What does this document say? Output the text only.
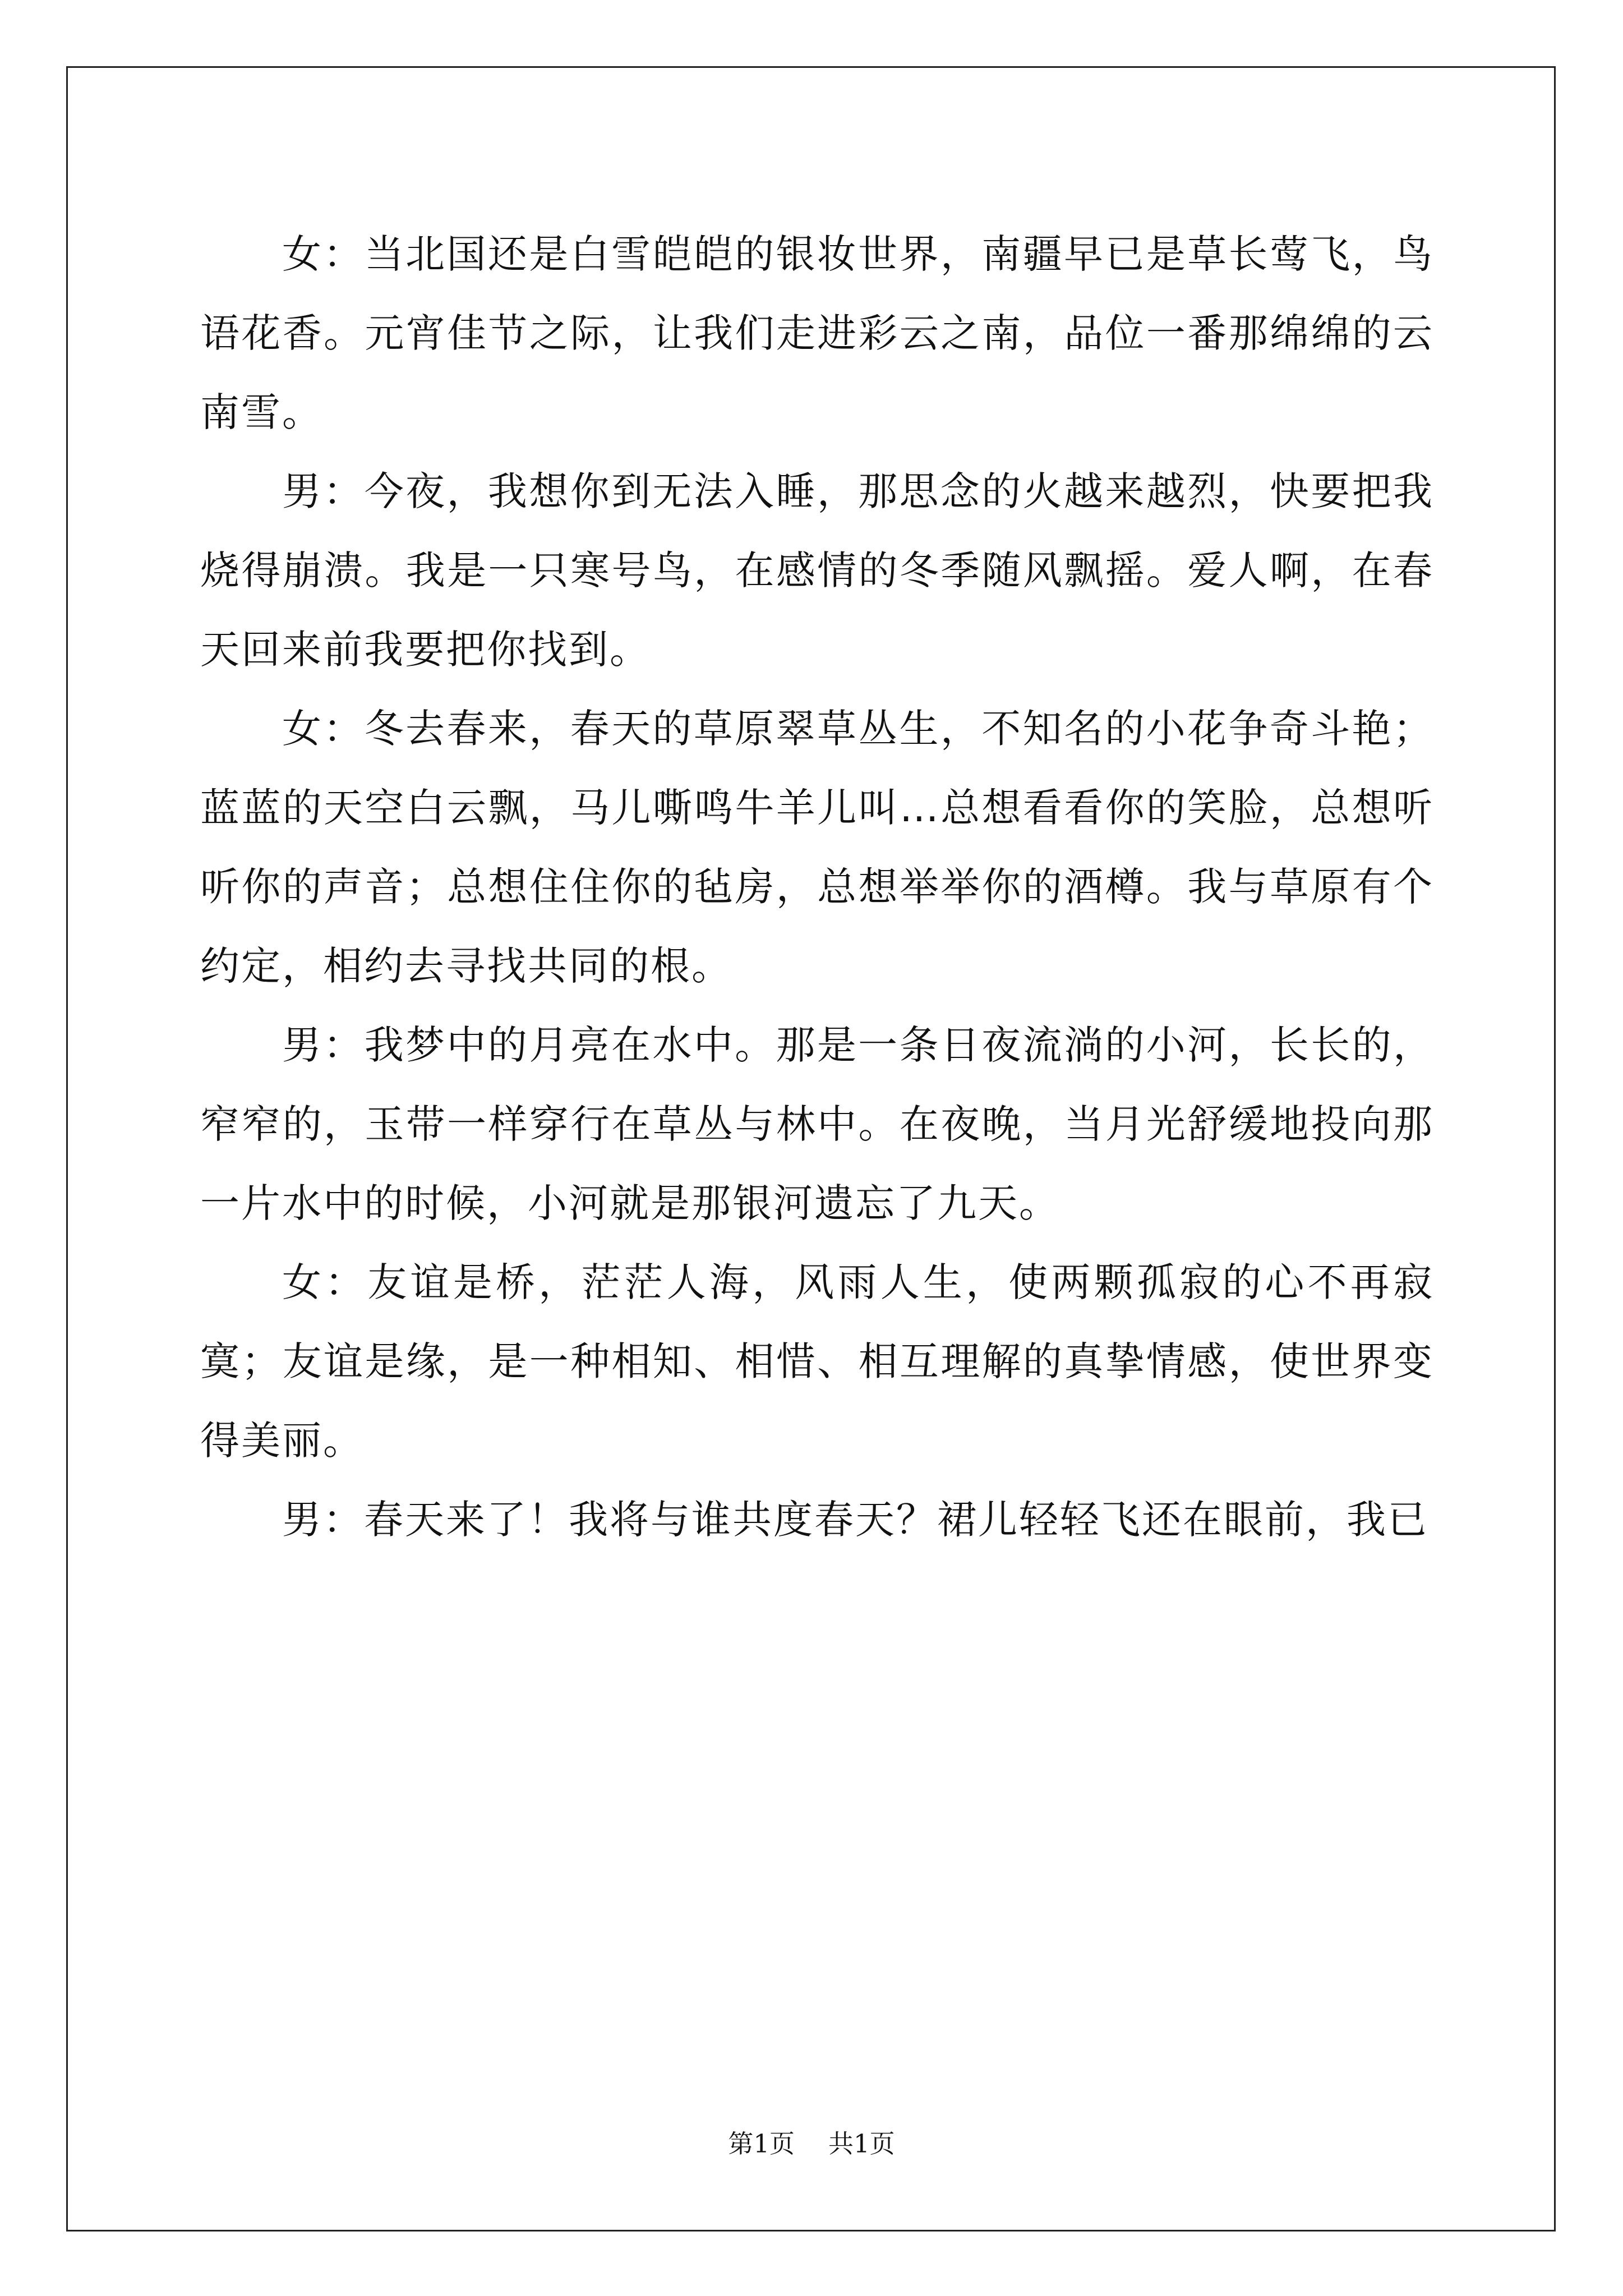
女：当北国还是白雪皑皑的银妆世界，南疆早已是草长莺飞，鸟语花香。元宵佳节之际，让我们走进彩云之南，品位一番那绵绵的云南雪。

男：今夜，我想你到无法入睡，那思念的火越来越烈，快要把我烧得崩溃。我是一只寒号鸟，在感情的冬季随风飘摇。爱人啊，在春天回来前我要把你找到。

女：冬去春来，春天的草原翠草丛生，不知名的小花争奇斗艳；蓝蓝的天空白云飘，马儿嘶鸣牛羊儿叫…总想看看你的笑脸，总想听听你的声音；总想住住你的毡房，总想举举你的酒樽。我与草原有个约定，相约去寻找共同的根。

男：我梦中的月亮在水中。那是一条日夜流淌的小河，长长的，窄窄的，玉带一样穿行在草丛与林中。在夜晚，当月光舒缓地投向那一片水中的时候，小河就是那银河遗忘了九天。

女：友谊是桥，茫茫人海，风雨人生，使两颗孤寂的心不再寂寞；友谊是缘，是一种相知、相惜、相互理解的真挚情感，使世界变得美丽。

男：春天来了！我将与谁共度春天？裙儿轻轻飞还在眼前，我已

第1页 共1页
